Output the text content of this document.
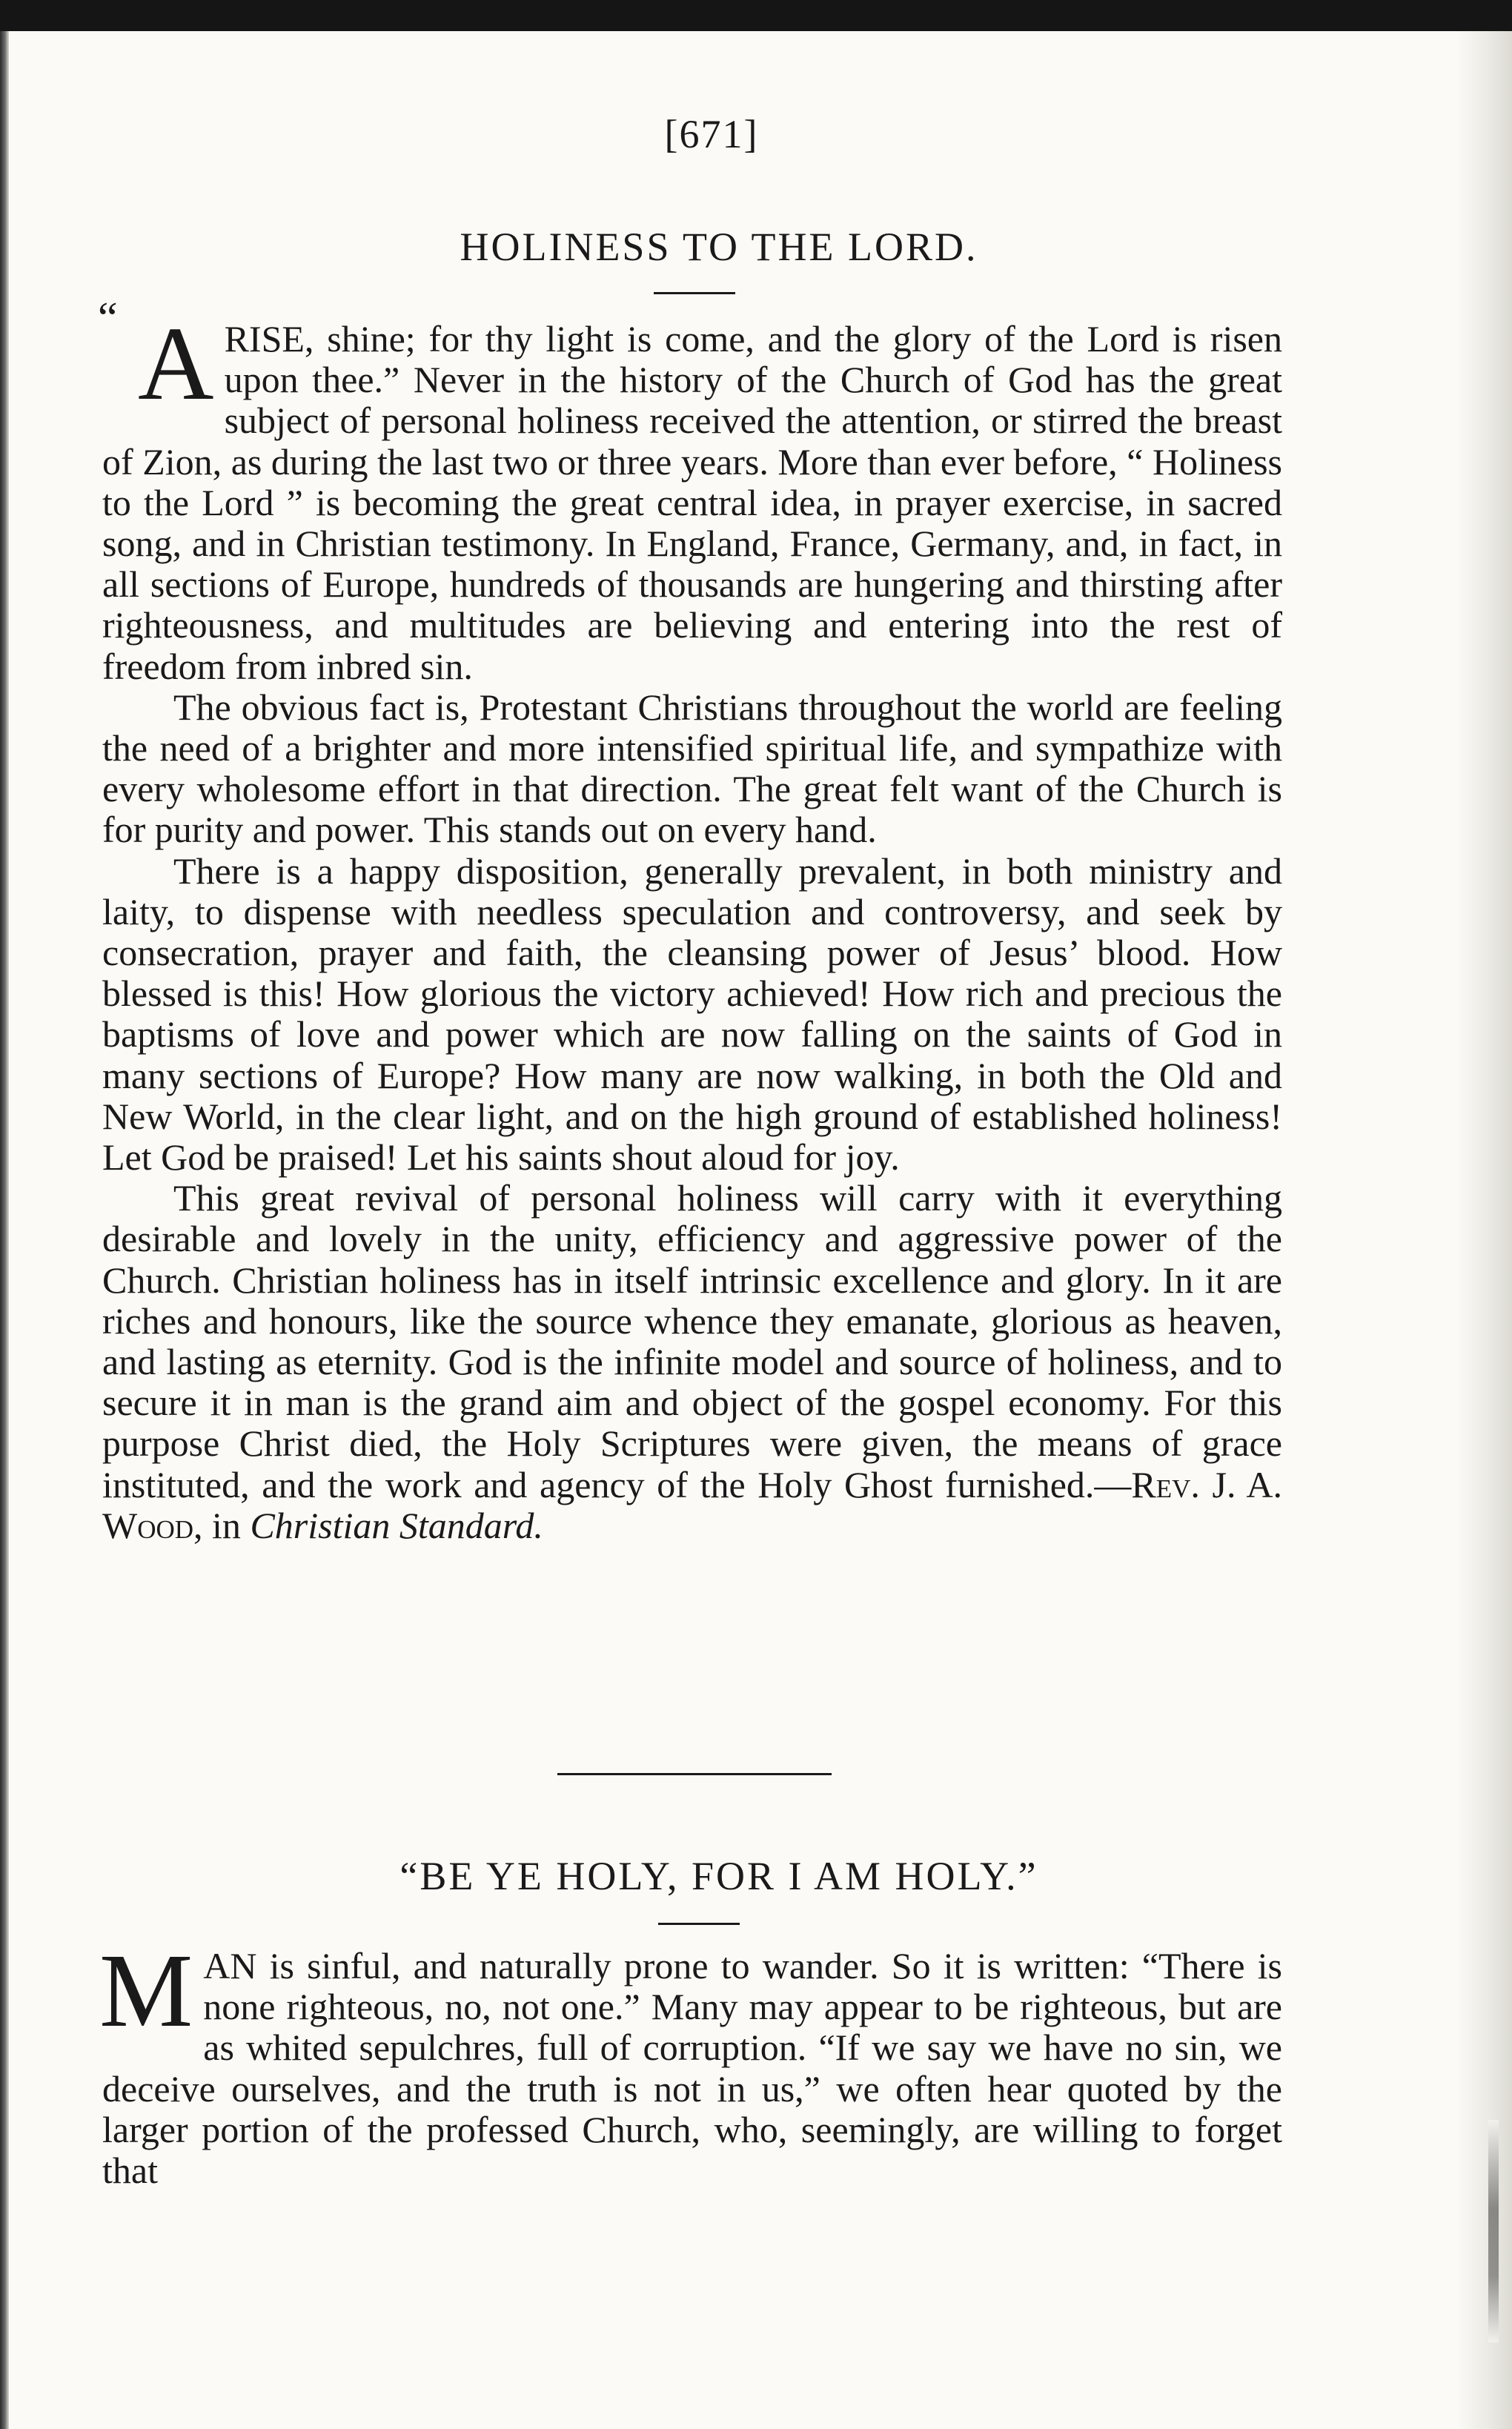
[671]
HOLINESS TO THE LORD.

“ A RISE, shine; for thy light is come, and the glory of the Lord is risen upon thee.” Never in the history of the Church of God has the great subject of personal holiness received the attention, or stirred the breast of Zion, as during the last two or three years. More than ever before, “ Holiness to the Lord ” is becoming the great central idea, in prayer exercise, in sacred song, and in Christian testimony. In England, France, Germany, and, in fact, in all sections of Europe, hundreds of thousands are hungering and thirsting after righteousness, and multitudes are believing and entering into the rest of freedom from inbred sin.

The obvious fact is, Protestant Christians throughout the world are feeling the need of a brighter and more intensified spiritual life, and sympathize with every wholesome effort in that direction. The great felt want of the Church is for purity and power. This stands out on every hand.

There is a happy disposition, generally prevalent, in both ministry and laity, to dispense with needless speculation and controversy, and seek by consecration, prayer and faith, the cleansing power of Jesus’ blood. How blessed is this! How glorious the victory achieved! How rich and precious the baptisms of love and power which are now falling on the saints of God in many sections of Europe? How many are now walking, in both the Old and New World, in the clear light, and on the high ground of established holiness! Let God be praised! Let his saints shout aloud for joy.

This great revival of personal holiness will carry with it everything desirable and lovely in the unity, efficiency and aggressive power of the Church. Christian holiness has in itself intrinsic excellence and glory. In it are riches and honours, like the source whence they emanate, glorious as heaven, and lasting as eternity. God is the infinite model and source of holiness, and to secure it in man is the grand aim and object of the gospel economy. For this purpose Christ died, the Holy Scriptures were given, the means of grace instituted, and the work and agency of the Holy Ghost furnished.—Rev. J. A. Wood, in Christian Standard.

“BE YE HOLY, FOR I AM HOLY.”

MAN is sinful, and naturally prone to wander. So it is written: “There is none righteous, no, not one.” Many may appear to be righteous, but are as whited sepulchres, full of corruption. “If we say we have no sin, we deceive ourselves, and the truth is not in us,” we often hear quoted by the larger portion of the professed Church, who, seemingly, are willing to forget that
